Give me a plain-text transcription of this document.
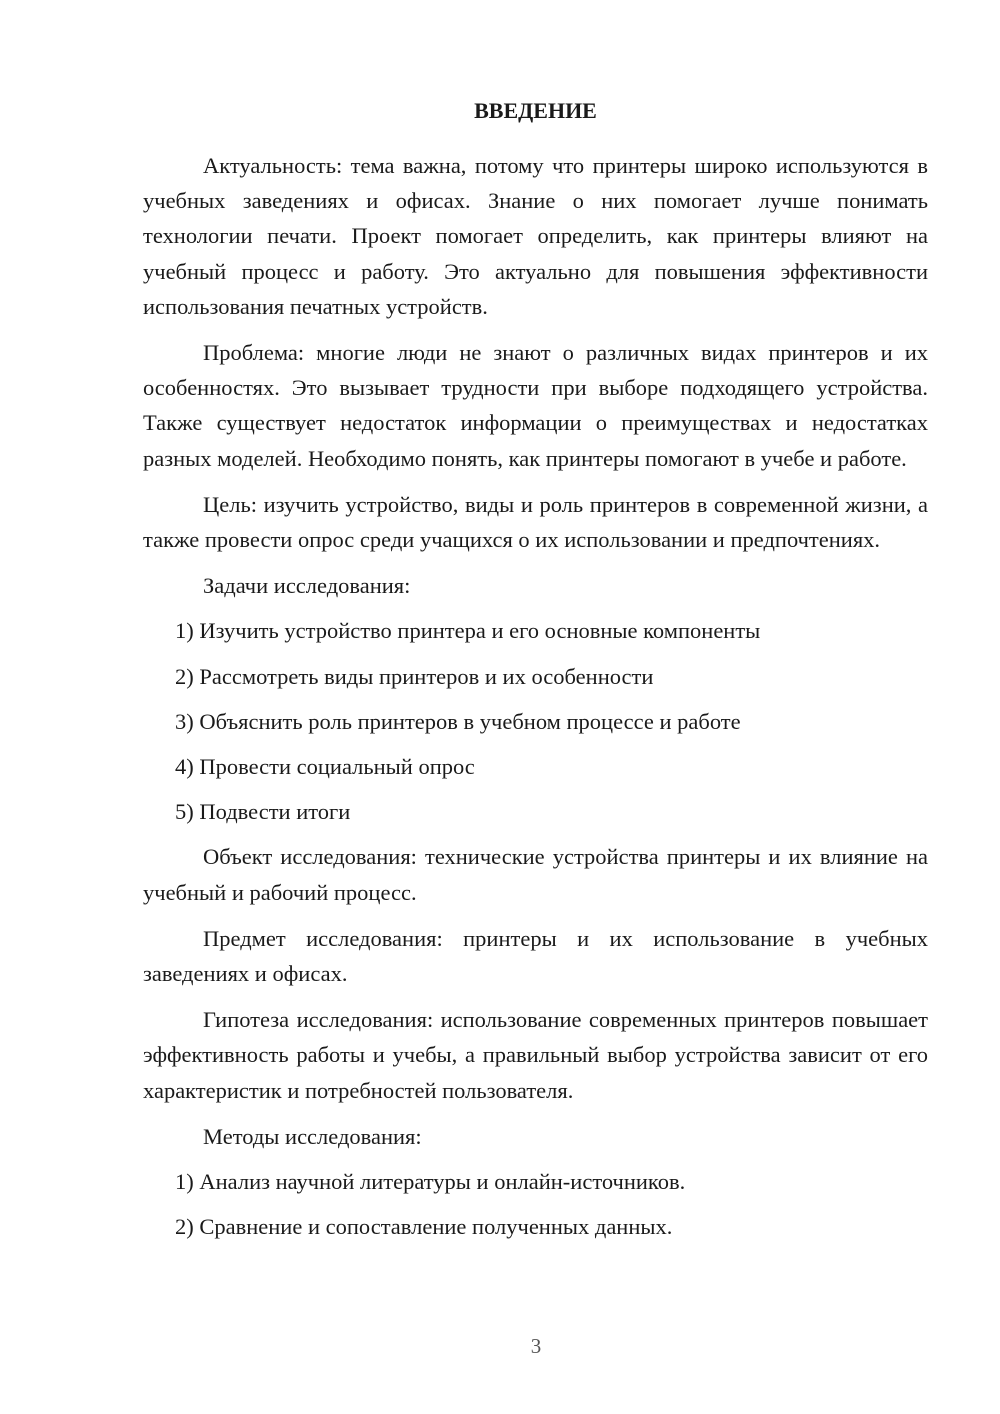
ВВЕДЕНИЕ

Актуальность: тема важна, потому что принтеры широко используются в учебных заведениях и офисах. Знание о них помогает лучше понимать технологии печати. Проект помогает определить, как принтеры влияют на учебный процесс и работу. Это актуально для повышения эффективности использования печатных устройств.

Проблема: многие люди не знают о различных видах принтеров и их особенностях. Это вызывает трудности при выборе подходящего устройства. Также существует недостаток информации о преимуществах и недостатках разных моделей. Необходимо понять, как принтеры помогают в учебе и работе.

Цель: изучить устройство, виды и роль принтеров в современной жизни, а также провести опрос среди учащихся о их использовании и предпочтениях.

Задачи исследования:

1) Изучить устройство принтера и его основные компоненты
2) Рассмотреть виды принтеров и их особенности
3) Объяснить роль принтеров в учебном процессе и работе
4) Провести социальный опрос
5) Подвести итоги

Объект исследования: технические устройства принтеры и их влияние на учебный и рабочий процесс.

Предмет исследования: принтеры и их использование в учебных заведениях и офисах.

Гипотеза исследования: использование современных принтеров повышает эффективность работы и учебы, а правильный выбор устройства зависит от его характеристик и потребностей пользователя.

Методы исследования:

1) Анализ научной литературы и онлайн-источников.
2) Сравнение и сопоставление полученных данных.
3
